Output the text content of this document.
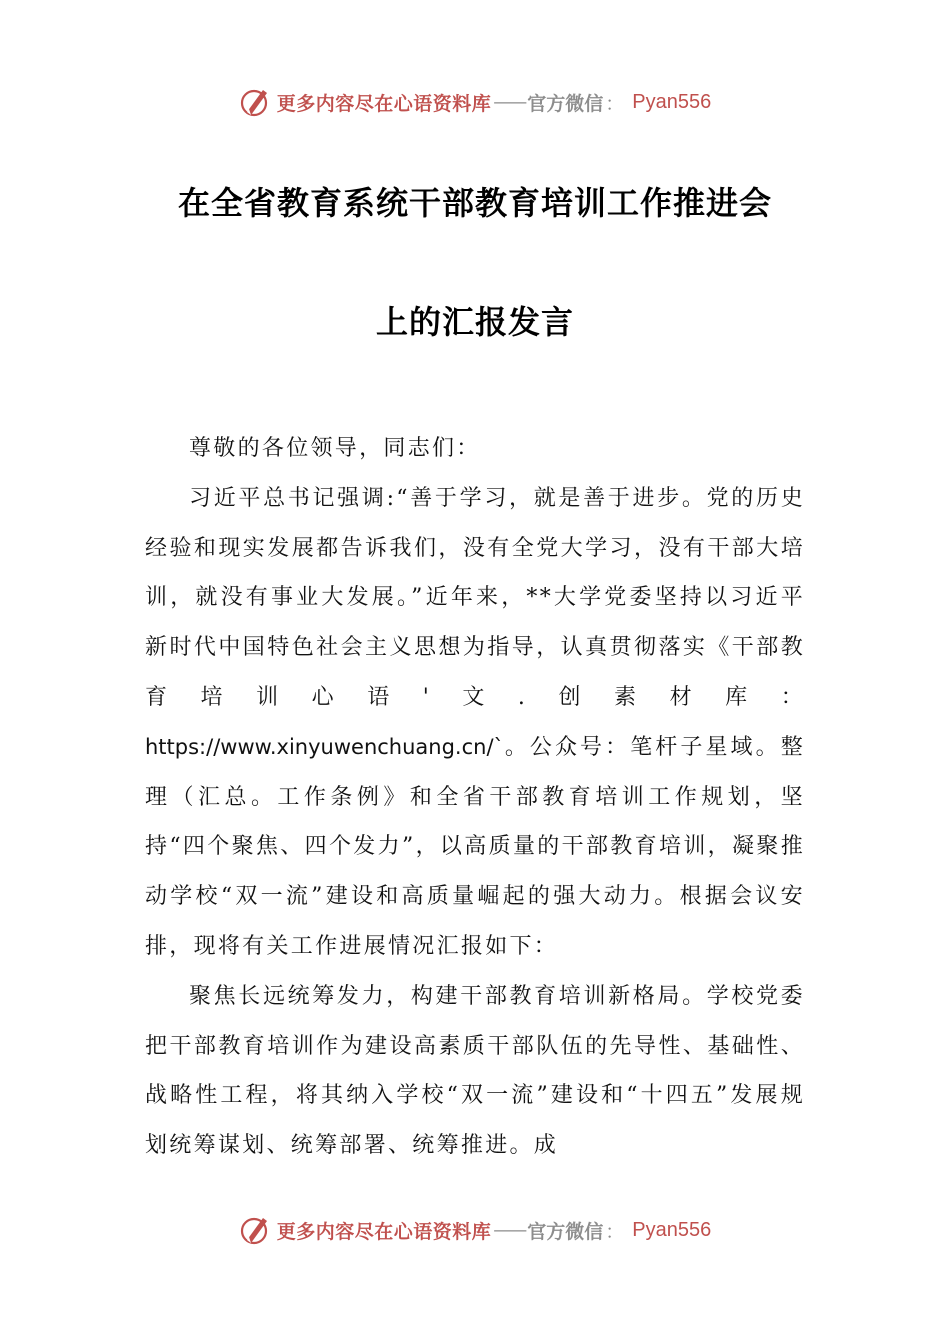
更多内容尽在心语资料库 —— 官方微信 ： Pyan556
在全省教育系统干部教育培训工作推进会
上的汇报发言

尊敬的各位领导，同志们：

习近平总书记强调:“善于学习，就是善于进步。党的历史经验和现实发展都告诉我们，没有全党大学习，没有干部大培训，就没有事业大发展。”近年来，**大学党委坚持以习近平新时代中国特色社会主义思想为指导，认真贯彻落实《干部教育培训心语'文.创素材库：https://www.xinyuwenchuang.cn/`。公众号：笔杆子星域。整理（汇总。工作条例》和全省干部教育培训工作规划，坚持“四个聚焦、四个发力”，以高质量的干部教育培训，凝聚推动学校“双一流”建设和高质量崛起的强大动力。根据会议安排，现将有关工作进展情况汇报如下：

聚焦长远统筹发力，构建干部教育培训新格局。学校党委把干部教育培训作为建设高素质干部队伍的先导性、基础性、战略性工程，将其纳入学校“双一流”建设和“十四五”发展规划统筹谋划、统筹部署、统筹推进。成

更多内容尽在心语资料库 —— 官方微信 ： Pyan556
